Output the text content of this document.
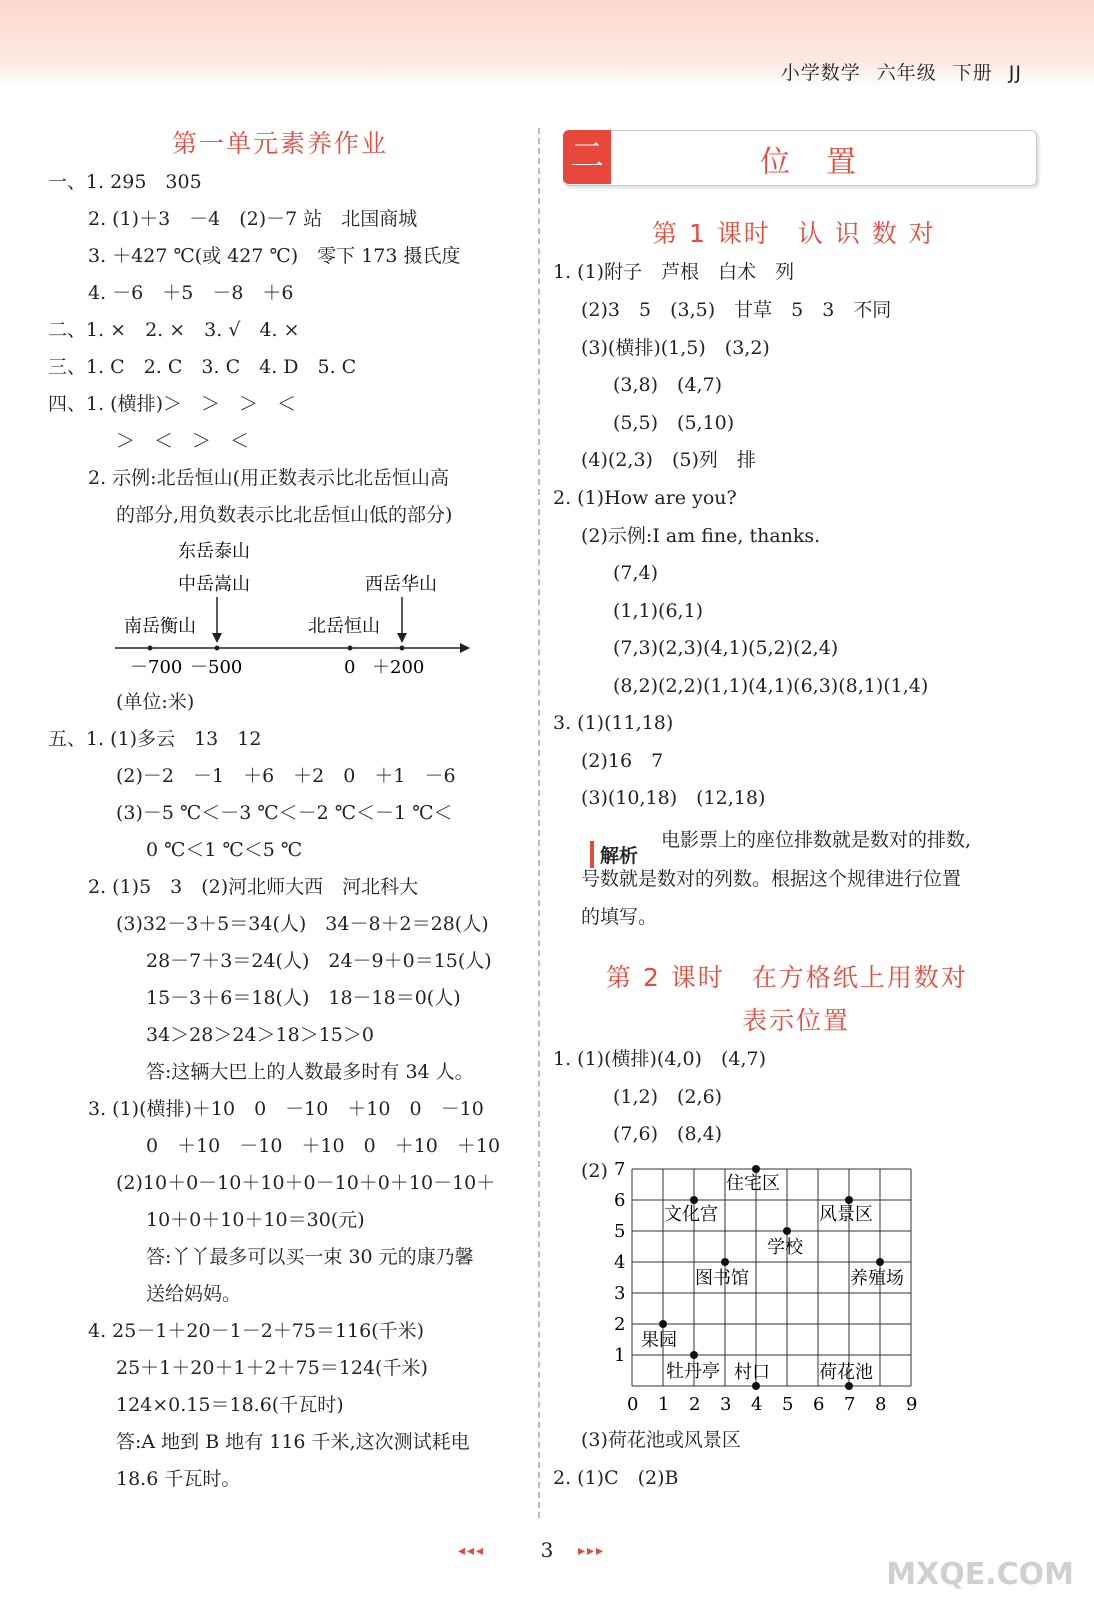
小学数学 六年级 下册 JJ
第一单元素养作业
一、1. 295　305
2. (1)＋3　－4　(2)－7 站　北国商城
3. ＋427 ℃(或 427 ℃)　零下 173 摄氏度
4. －6　＋5　－8　＋6
二、1. ×　2. ×　3. √　4. ×
三、1. C　2. C　3. C　4. D　5. C
四、1. (横排)＞　＞　＞　＜
＞　＜　＞　＜
2. 示例:北岳恒山(用正数表示比北岳恒山高
的部分,用负数表示比北岳恒山低的部分)
东岳泰山
中岳嵩山	西岳华山
南岳衡山	北岳恒山
－700 －500	0 ＋200
(单位:米)
五、1. (1)多云　13　12
(2)－2　－1　＋6　＋2　0　＋1　－6
(3)－5 ℃＜－3 ℃＜－2 ℃＜－1 ℃＜
0 ℃＜1 ℃＜5 ℃
2. (1)5　3　(2)河北师大西　河北科大
(3)32－3＋5＝34(人)　34－8＋2＝28(人)
28－7＋3＝24(人)　24－9＋0＝15(人)
15－3＋6＝18(人)　18－18＝0(人)
34＞28＞24＞18＞15＞0
答:这辆大巴上的人数最多时有 34 人。
3. (1)(横排)＋10　0　－10　＋10　0　－10
0　＋10　－10　＋10　0　＋10　＋10
(2)10＋0－10＋10＋0－10＋0＋10－10＋
10＋0＋10＋10＝30(元)
答:丫丫最多可以买一束 30 元的康乃馨
送给妈妈。
4. 25－1＋20－1－2＋75＝116(千米)
25＋1＋20＋1＋2＋75＝124(千米)
124×0.15＝18.6(千瓦时)
答:A 地到 B 地有 116 千米,这次测试耗电
18.6 千瓦时。
二	位置
第 1 课时　认 识 数 对
1. (1)附子　芦根　白术　列
(2)3　5　(3,5)　甘草　5　3　不同
(3)(横排)(1,5)　(3,2)
(3,8)　(4,7)
(5,5)　(5,10)
(4)(2,3)　(5)列　排
2. (1)How are you?
(2)示例:I am fine, thanks.
(7,4)
(1,1)(6,1)
(7,3)(2,3)(4,1)(5,2)(2,4)
(8,2)(2,2)(1,1)(4,1)(6,3)(8,1)(1,4)
3. (1)(11,18)
(2)16　7
(3)(10,18)　(12,18)
解析
电影票上的座位排数就是数对的排数,
号数就是数对的列数。根据这个规律进行位置
的填写。
第 2 课时　在方格纸上用数对
表示位置
1. (1)(横排)(4,0)　(4,7)
(1,2)　(2,6)
(7,6)　(8,4)
(2)
(3)荷花池或风景区
2. (1)C　(2)B
0 1 2 3 4 5 6 7 8 9
1
2
3
4
5
6
7
住宅区
文化宫	风景区
学校
图书馆	养殖场
果园
牡丹亭 村口	荷花池
◂◂◂	3	▸▸▸
MXQE.COM
